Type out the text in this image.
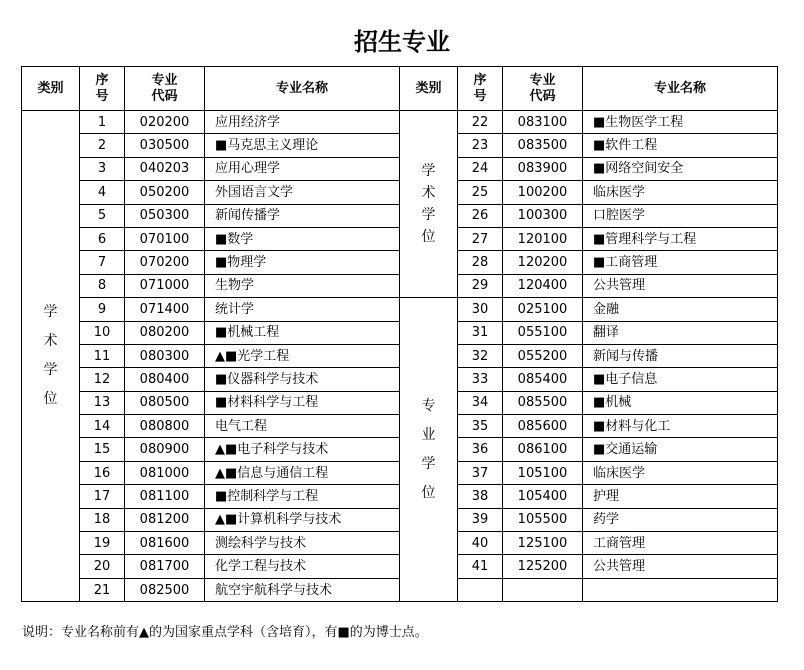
招生专业
类别	序号	专业代码	专业名称	类别	序号	专业代码	专业名称
学术学位	1	020200	应用经济学	学术学位	22	083100	■生物医学工程
	2	030500	■马克思主义理论		23	083500	■软件工程
	3	040203	应用心理学		24	083900	■网络空间安全
	4	050200	外国语言文学		25	100200	临床医学
	5	050300	新闻传播学		26	100300	口腔医学
	6	070100	■数学		27	120100	■管理科学与工程
	7	070200	■物理学		28	120200	■工商管理
	8	071000	生物学		29	120400	公共管理
	9	071400	统计学	专业学位	30	025100	金融
	10	080200	■机械工程		31	055100	翻译
	11	080300	▲■光学工程		32	055200	新闻与传播
	12	080400	■仪器科学与技术		33	085400	■电子信息
	13	080500	■材料科学与工程		34	085500	■机械
	14	080800	电气工程		35	085600	■材料与化工
	15	080900	▲■电子科学与技术		36	086100	■交通运输
	16	081000	▲■信息与通信工程		37	105100	临床医学
	17	081100	■控制科学与工程		38	105400	护理
	18	081200	▲■计算机科学与技术		39	105500	药学
	19	081600	测绘科学与技术		40	125100	工商管理
	20	081700	化学工程与技术		41	125200	公共管理
	21	082500	航空宇航科学与技术				
说明：专业名称前有▲的为国家重点学科（含培育），有■的为博士点。
